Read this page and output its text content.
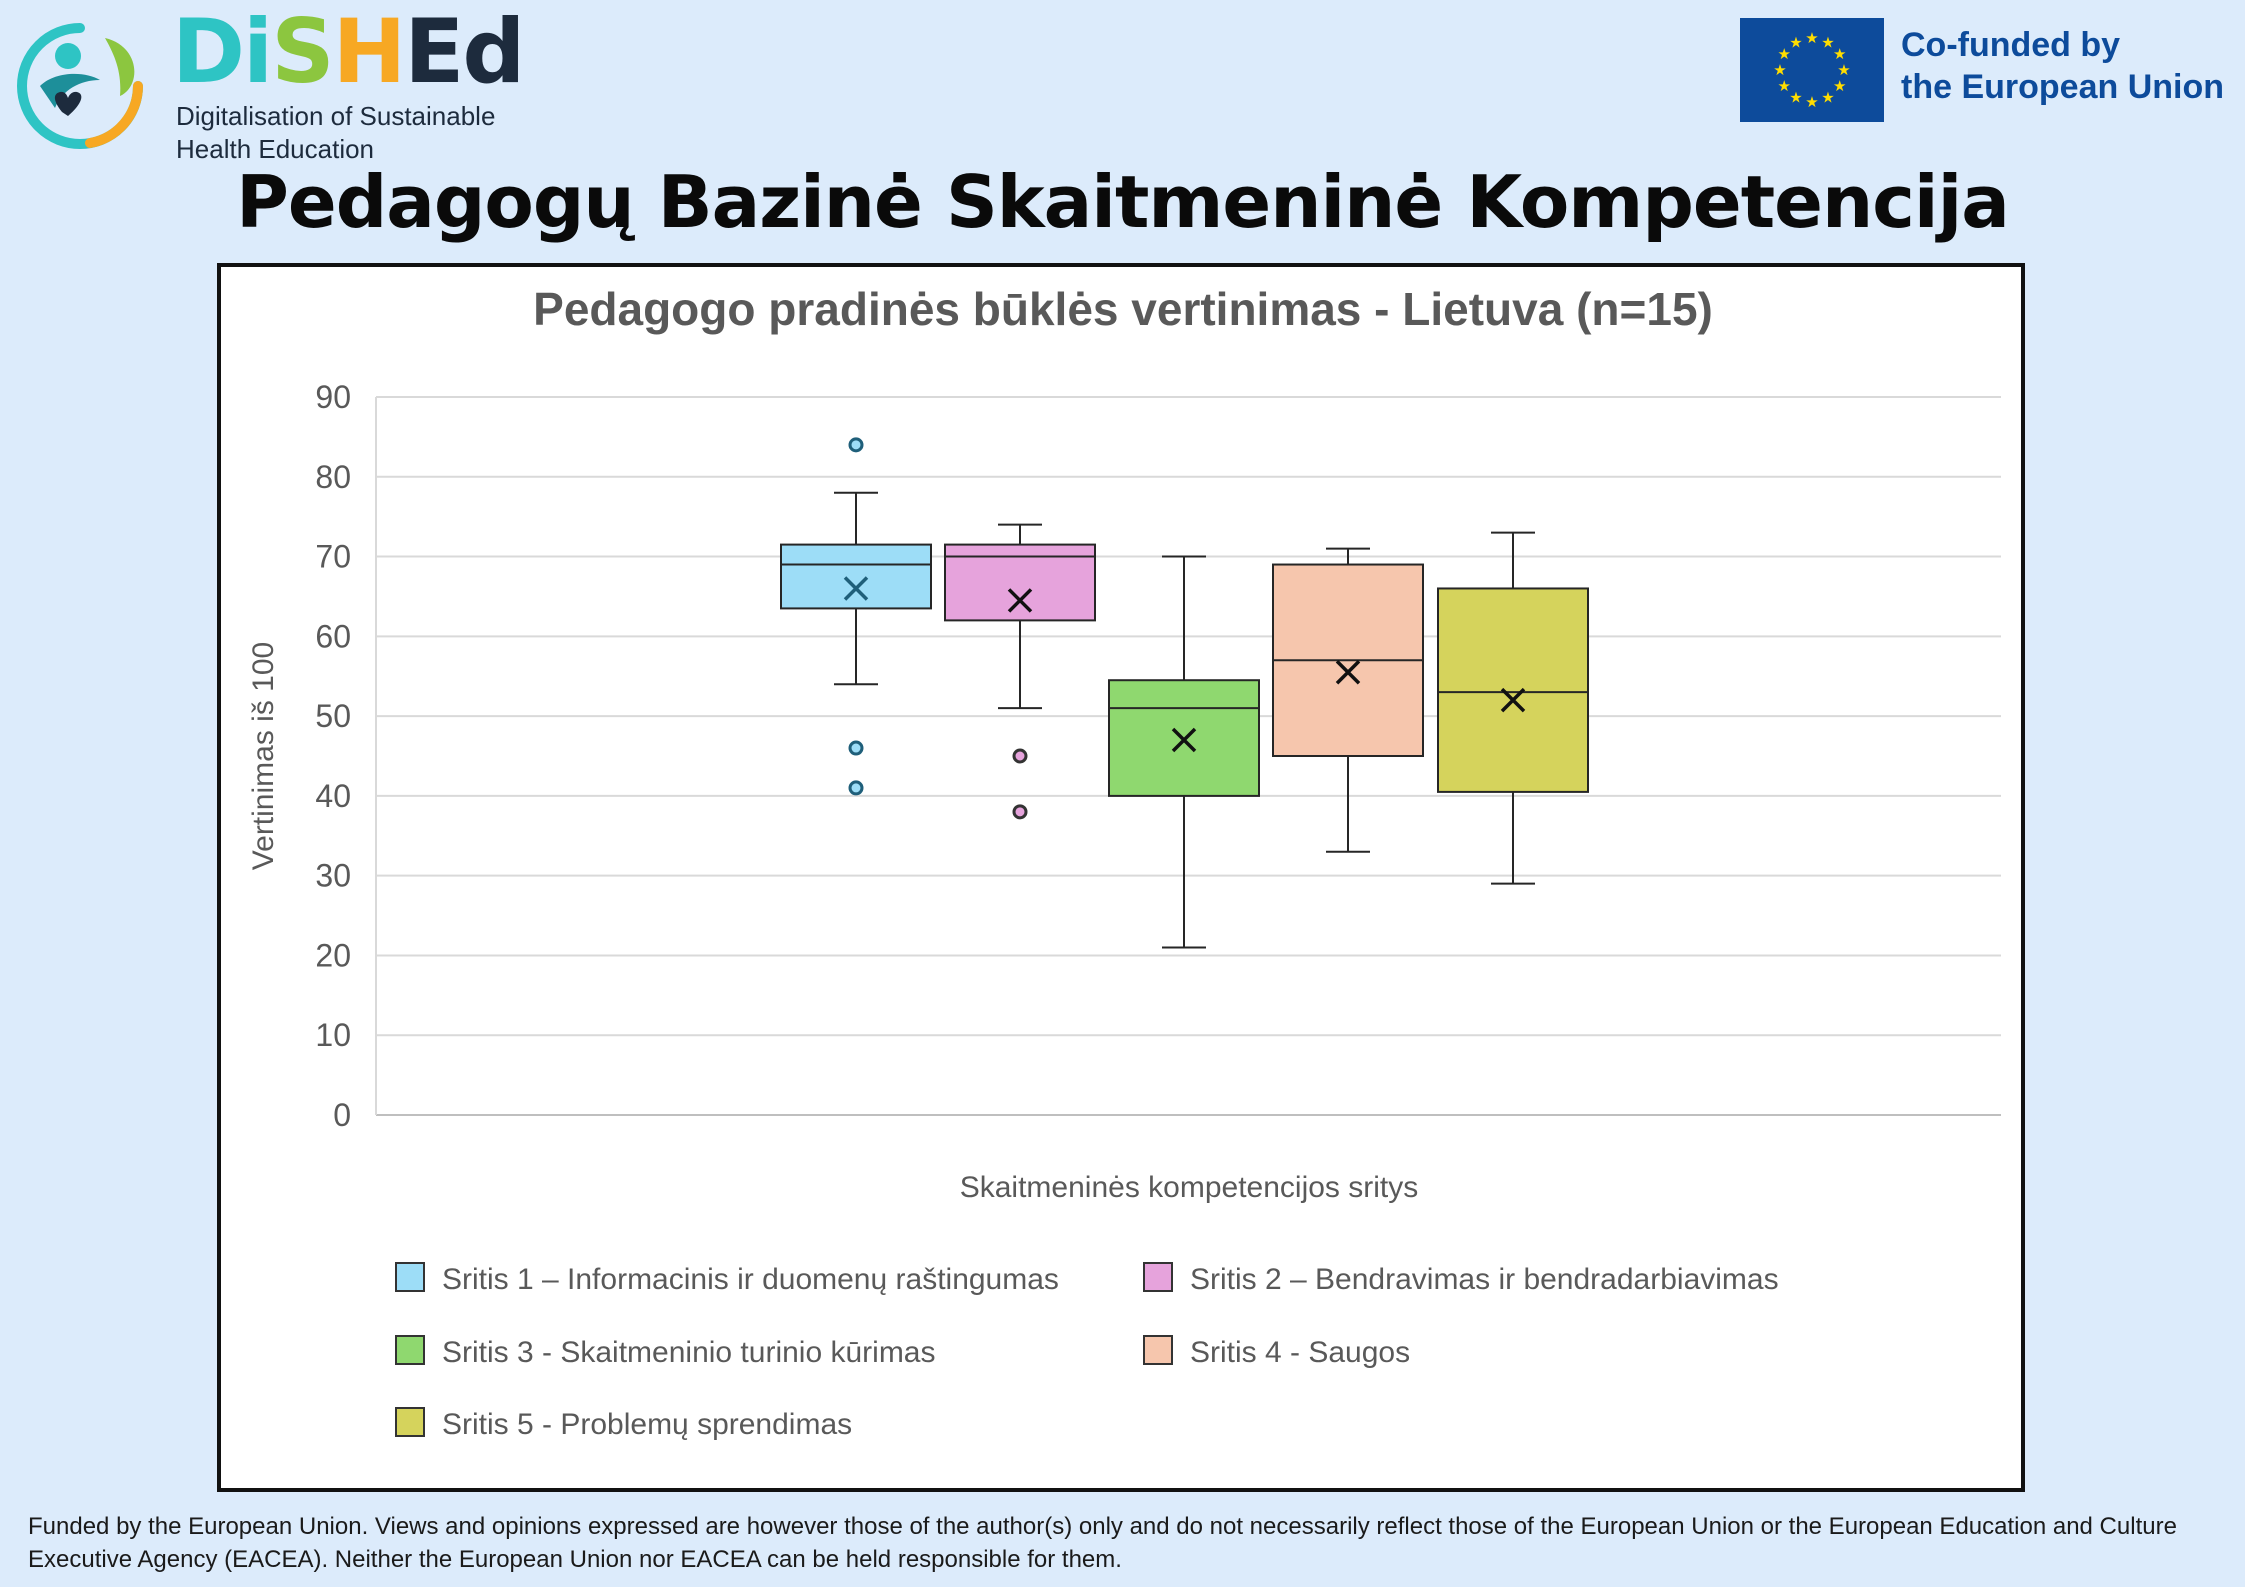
DiSHEd
Digitalisation of Sustainable
Health Education
★ ★
★
★
★
★
★
★
★
★
★
★	Co-funded by
the European Union
Pedagogų Bazinė Skaitmeninė Kompetencija
Pedagogo pradinės būklės vertinimas - Lietuva (n=15)
0
10
20
30
40
50
60
70
80
90
Vertinimas iš 100
Skaitmeninės kompetencijos sritys
Sritis 1 – Informacinis ir duomenų raštingumas	Sritis 2 – Bendravimas ir bendradarbiavimas
Sritis 3 - Skaitmeninio turinio kūrimas	Sritis 4 - Saugos
Sritis 5 - Problemų sprendimas
Funded by the European Union. Views and opinions expressed are however those of the author(s) only and do not necessarily reflect those of the European Union or the European Education and Culture Executive Agency (EACEA). Neither the European Union nor EACEA can be held responsible for them.
